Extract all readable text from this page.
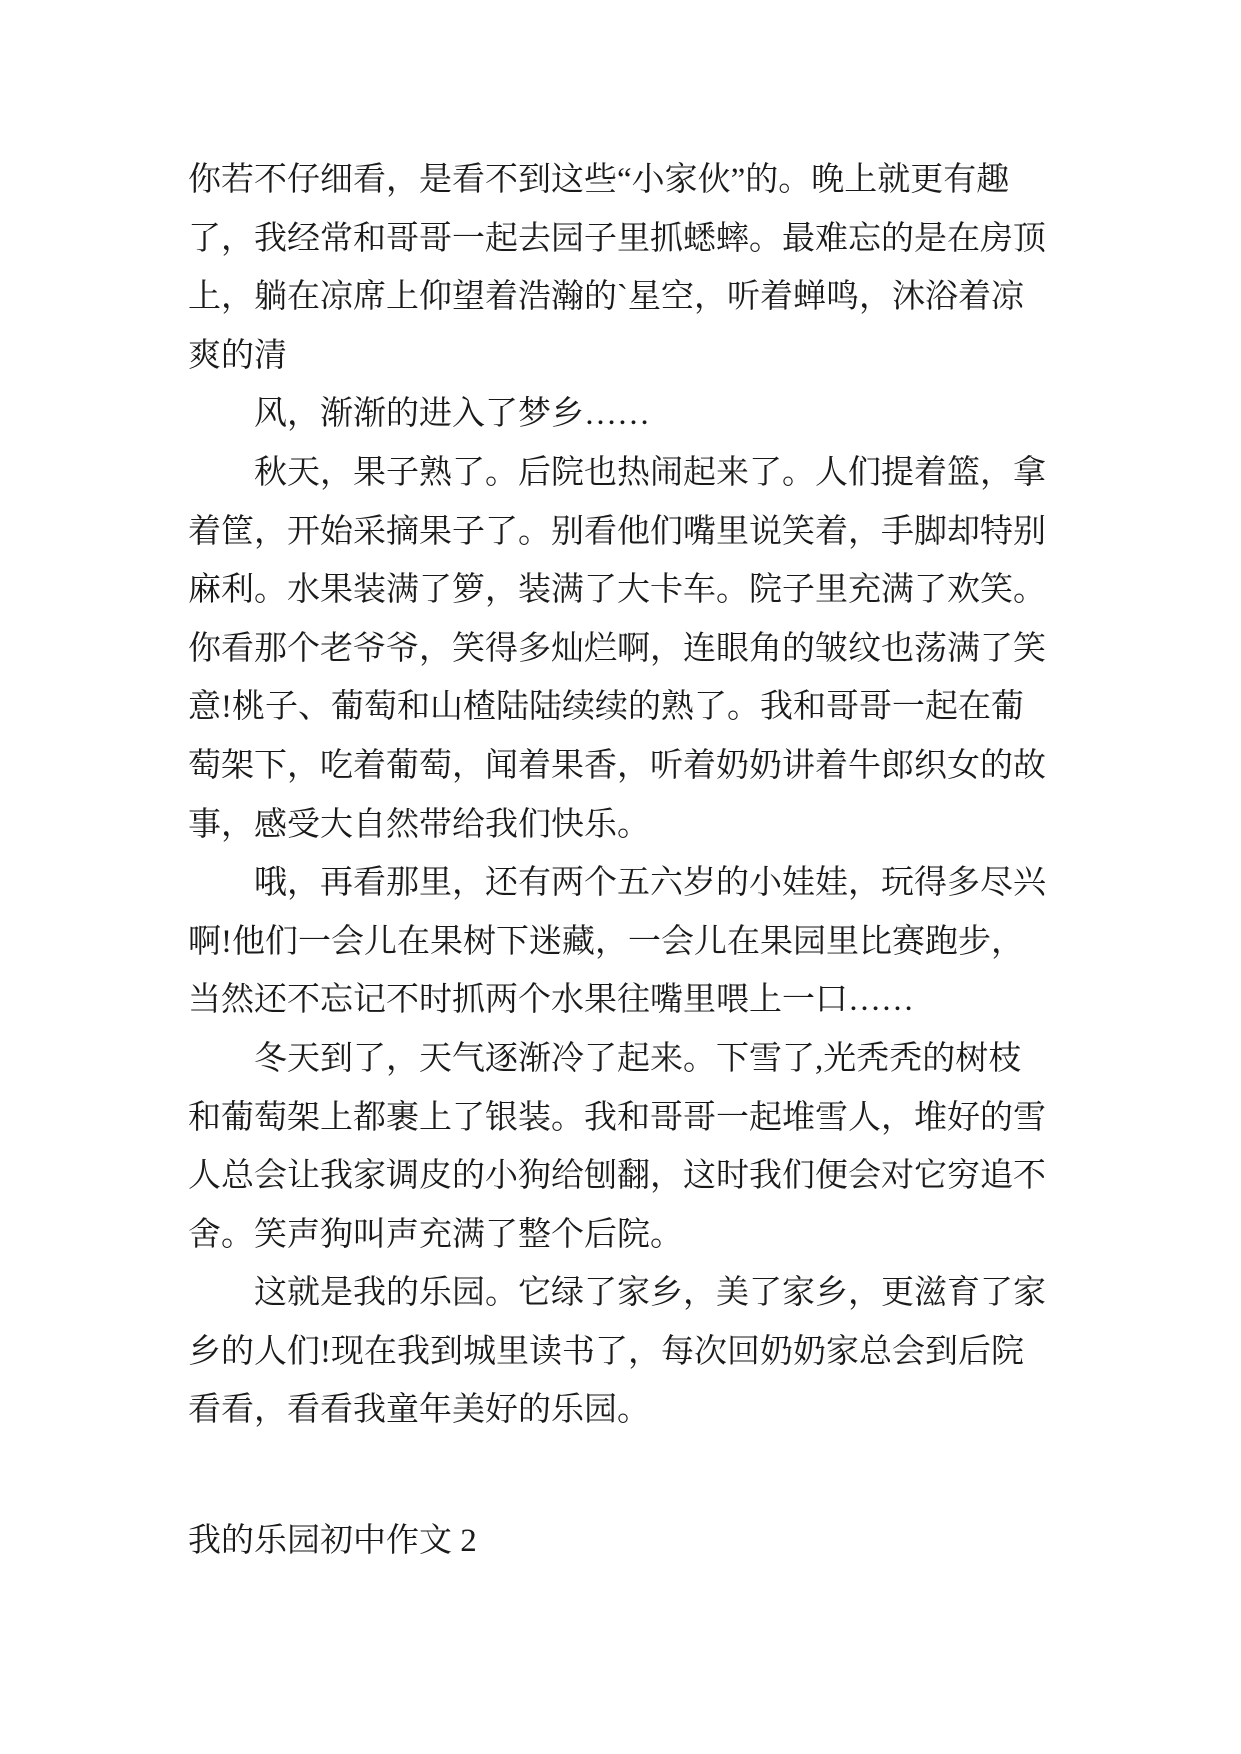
你若不仔细看，是看不到这些“小家伙”的。晚上就更有趣
了，我经常和哥哥一起去园子里抓蟋蟀。最难忘的是在房顶
上，躺在凉席上仰望着浩瀚的`星空，听着蝉鸣，沐浴着凉
爽的清
风，渐渐的进入了梦乡……
秋天，果子熟了。后院也热闹起来了。人们提着篮，拿
着筐，开始采摘果子了。别看他们嘴里说笑着，手脚却特别
麻利。水果装满了箩，装满了大卡车。院子里充满了欢笑。
你看那个老爷爷，笑得多灿烂啊，连眼角的皱纹也荡满了笑
意!桃子、葡萄和山楂陆陆续续的熟了。我和哥哥一起在葡
萄架下，吃着葡萄，闻着果香，听着奶奶讲着牛郎织女的故
事，感受大自然带给我们快乐。
哦，再看那里，还有两个五六岁的小娃娃，玩得多尽兴
啊!他们一会儿在果树下迷藏，一会儿在果园里比赛跑步，
当然还不忘记不时抓两个水果往嘴里喂上一口……
冬天到了，天气逐渐冷了起来。下雪了,光秃秃的树枝
和葡萄架上都裹上了银装。我和哥哥一起堆雪人，堆好的雪
人总会让我家调皮的小狗给刨翻，这时我们便会对它穷追不
舍。笑声狗叫声充满了整个后院。
这就是我的乐园。它绿了家乡，美了家乡，更滋育了家
乡的人们!现在我到城里读书了，每次回奶奶家总会到后院
看看，看看我童年美好的乐园。
我的乐园初中作文 2
